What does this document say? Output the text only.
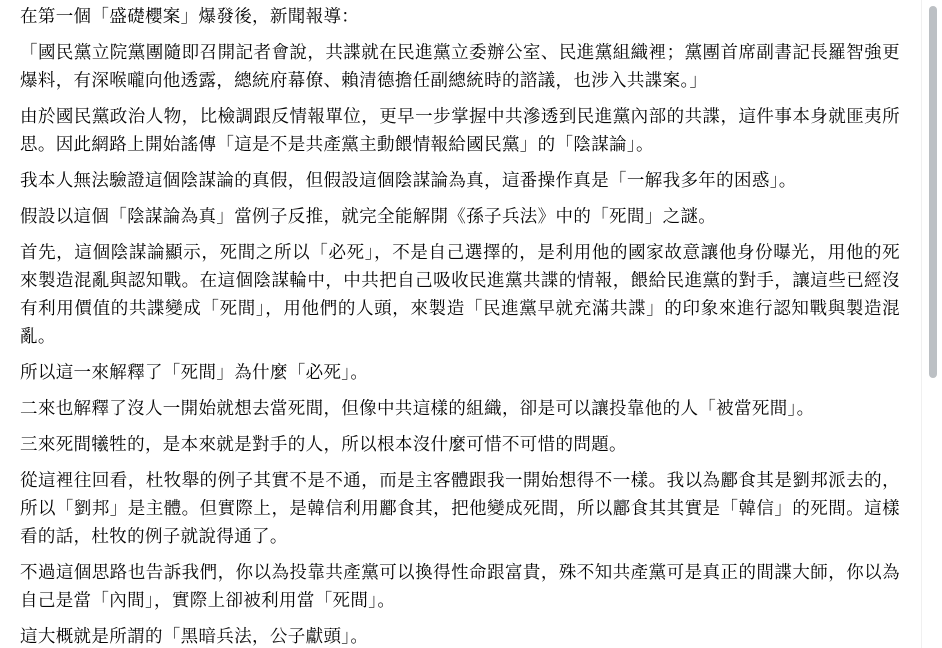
在第一個「盛礎櫻案」爆發後，新聞報導：

「國民黨立院黨團隨即召開記者會說，共諜就在民進黨立委辦公室、民進黨組織裡；黨團首席副書記長羅智強更爆料，有深喉嚨向他透露，總統府幕僚、賴清德擔任副總統時的諮議，也涉入共諜案。」

由於國民黨政治人物，比檢調跟反情報單位，更早一步掌握中共滲透到民進黨內部的共諜，這件事本身就匪夷所思。因此網路上開始謠傳「這是不是共產黨主動餵情報給國民黨」的「陰謀論」。

我本人無法驗證這個陰謀論的真假，但假設這個陰謀論為真，這番操作真是「一解我多年的困惑」。

假設以這個「陰謀論為真」當例子反推，就完全能解開《孫子兵法》中的「死間」之謎。

首先，這個陰謀論顯示，死間之所以「必死」，不是自己選擇的，是利用他的國家故意讓他身份曝光，用他的死來製造混亂與認知戰。在這個陰謀輪中，中共把自己吸收民進黨共諜的情報，餵給民進黨的對手，讓這些已經沒有利用價值的共諜變成「死間」，用他們的人頭，來製造「民進黨早就充滿共諜」的印象來進行認知戰與製造混亂。

所以這一來解釋了「死間」為什麼「必死」。

二來也解釋了沒人一開始就想去當死間，但像中共這樣的組織，卻是可以讓投靠他的人「被當死間」。

三來死間犧牲的，是本來就是對手的人，所以根本沒什麼可惜不可惜的問題。

從這裡往回看，杜牧舉的例子其實不是不通，而是主客體跟我一開始想得不一樣。我以為酈食其是劉邦派去的，所以「劉邦」是主體。但實際上，是韓信利用酈食其，把他變成死間，所以酈食其其實是「韓信」的死間。這樣看的話，杜牧的例子就說得通了。

不過這個思路也告訴我們，你以為投靠共產黨可以換得性命跟富貴，殊不知共產黨可是真正的間諜大師，你以為自己是當「內間」，實際上卻被利用當「死間」。

這大概就是所謂的「黑暗兵法，公子獻頭」。
